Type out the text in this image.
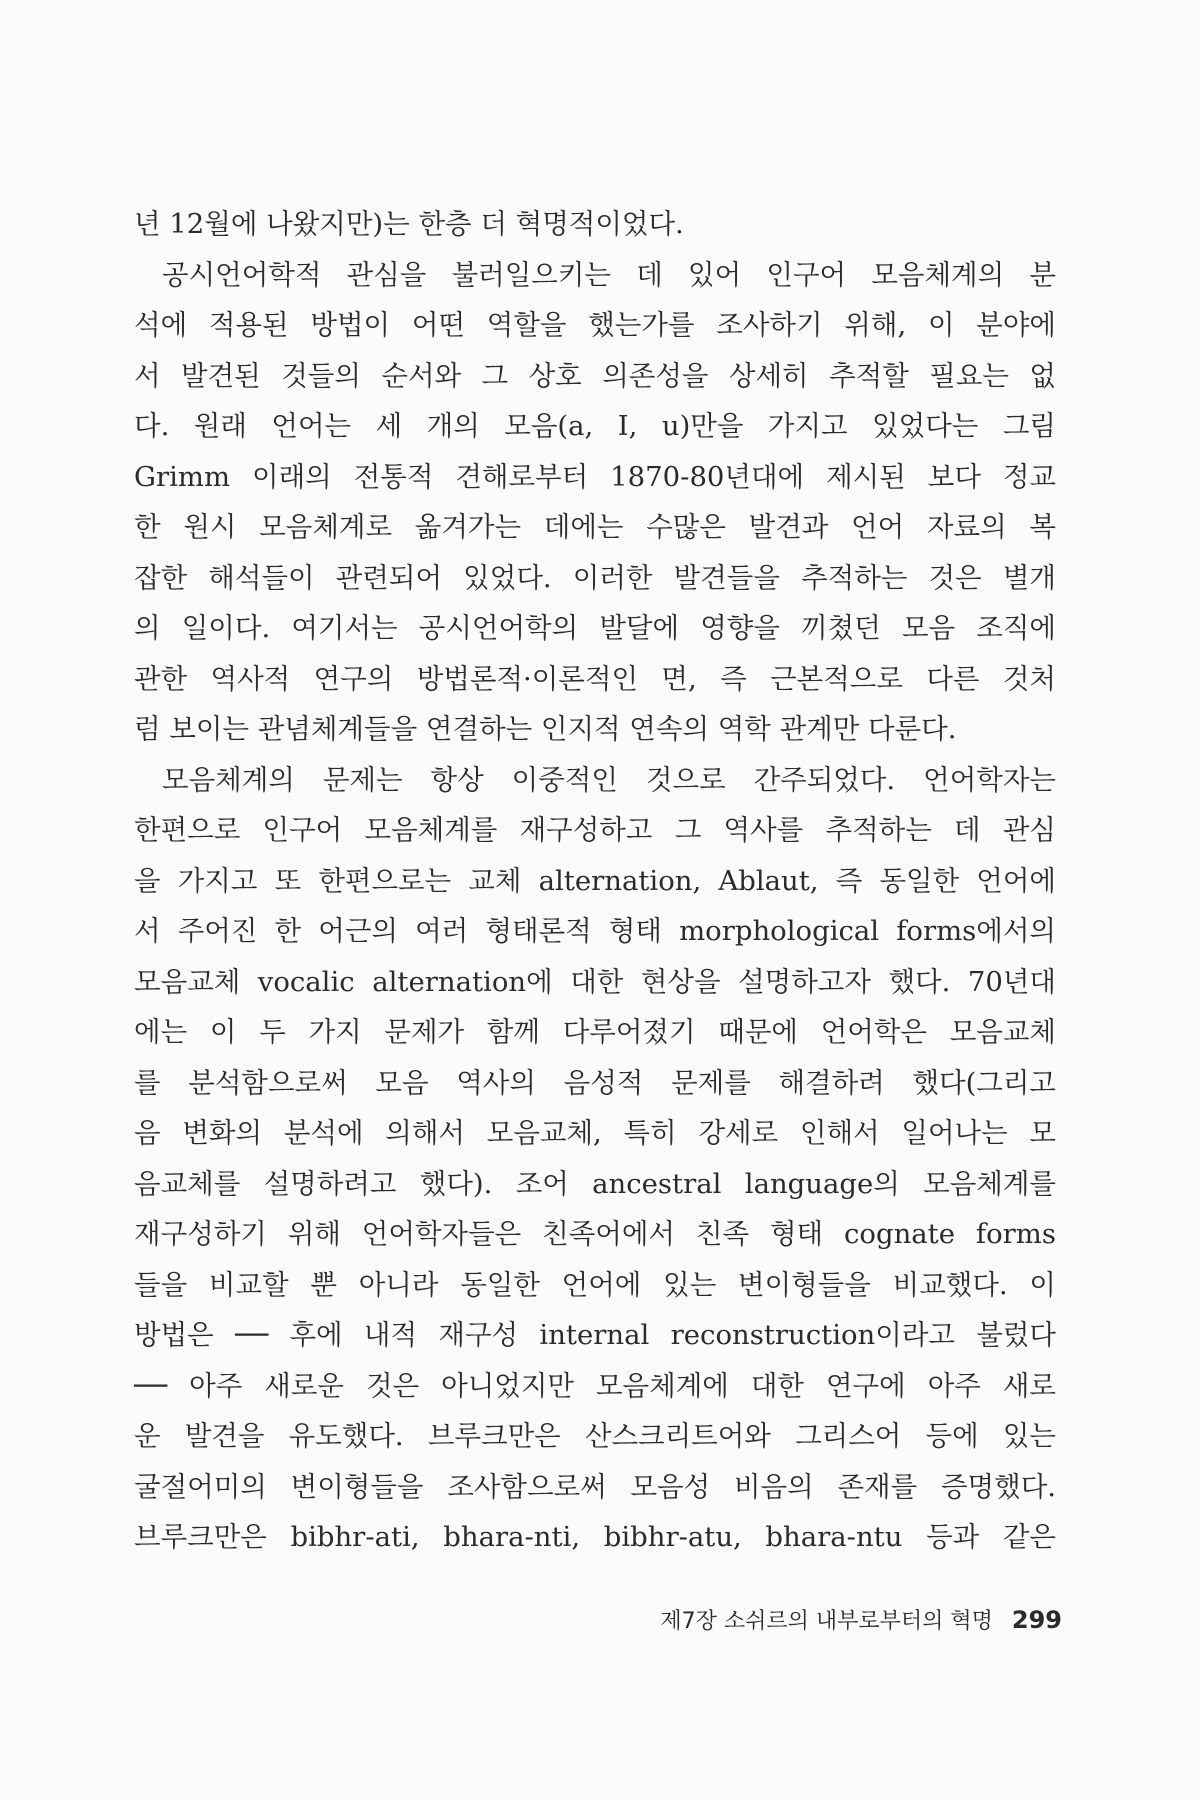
년 12월에 나왔지만)는 한층 더 혁명적이었다.
공시언어학적 관심을 불러일으키는 데 있어 인구어 모음체계의 분
석에 적용된 방법이 어떤 역할을 했는가를 조사하기 위해, 이 분야에
서 발견된 것들의 순서와 그 상호 의존성을 상세히 추적할 필요는 없
다. 원래 언어는 세 개의 모음(a, I, u)만을 가지고 있었다는 그림
Grimm 이래의 전통적 견해로부터 1870-80년대에 제시된 보다 정교
한 원시 모음체계로 옮겨가는 데에는 수많은 발견과 언어 자료의 복
잡한 해석들이 관련되어 있었다. 이러한 발견들을 추적하는 것은 별개
의 일이다. 여기서는 공시언어학의 발달에 영향을 끼쳤던 모음 조직에
관한 역사적 연구의 방법론적·이론적인 면, 즉 근본적으로 다른 것처
럼 보이는 관념체계들을 연결하는 인지적 연속의 역학 관계만 다룬다.
모음체계의 문제는 항상 이중적인 것으로 간주되었다. 언어학자는
한편으로 인구어 모음체계를 재구성하고 그 역사를 추적하는 데 관심
을 가지고 또 한편으로는 교체 alternation, Ablaut, 즉 동일한 언어에
서 주어진 한 어근의 여러 형태론적 형태 morphological forms에서의
모음교체 vocalic alternation에 대한 현상을 설명하고자 했다. 70년대
에는 이 두 가지 문제가 함께 다루어졌기 때문에 언어학은 모음교체
를 분석함으로써 모음 역사의 음성적 문제를 해결하려 했다(그리고
음 변화의 분석에 의해서 모음교체, 특히 강세로 인해서 일어나는 모
음교체를 설명하려고 했다). 조어 ancestral language의 모음체계를
재구성하기 위해 언어학자들은 친족어에서 친족 형태 cognate forms
들을 비교할 뿐 아니라 동일한 언어에 있는 변이형들을 비교했다. 이
방법은 ── 후에 내적 재구성 internal reconstruction이라고 불렀다
── 아주 새로운 것은 아니었지만 모음체계에 대한 연구에 아주 새로
운 발견을 유도했다. 브루크만은 산스크리트어와 그리스어 등에 있는
굴절어미의 변이형들을 조사함으로써 모음성 비음의 존재를 증명했다.
브루크만은 bibhr-ati, bhara-nti, bibhr-atu, bhara-ntu 등과 같은
제7장 소쉬르의 내부로부터의 혁명 299
